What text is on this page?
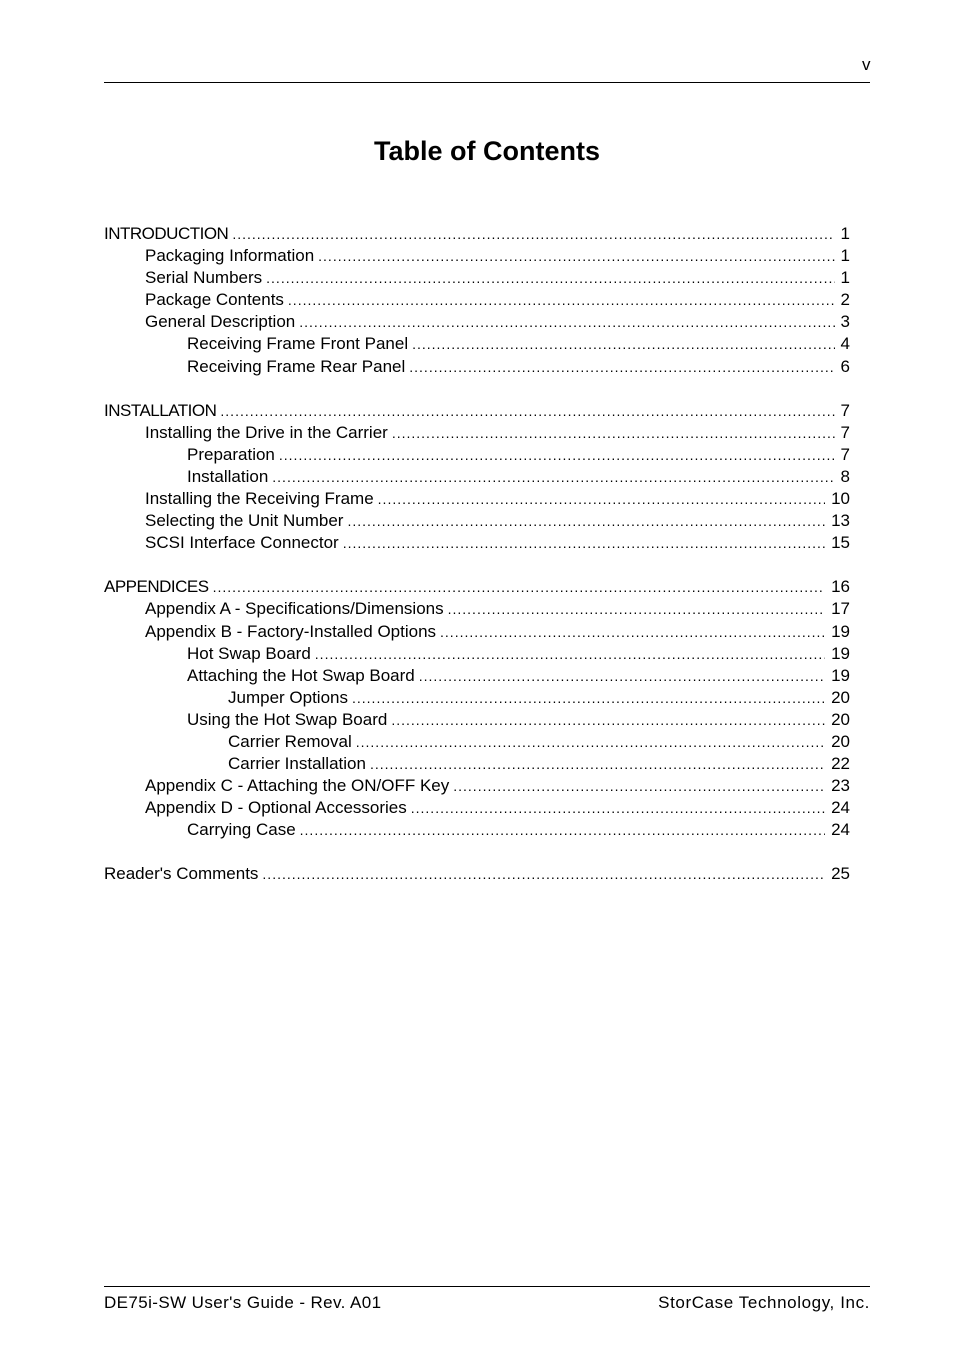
v
Table of Contents
INTRODUCTION .....	1
Packaging Information .....	1
Serial Numbers .....	1
Package Contents .....	2
General Description .....	3
Receiving Frame Front Panel .....	4
Receiving Frame Rear Panel .....	6
INSTALLATION .....	7
Installing the Drive in the Carrier .....	7
Preparation .....	7
Installation .....	8
Installing the Receiving Frame .....	10
Selecting the Unit Number .....	13
SCSI Interface Connector .....	15
APPENDICES .....	16
Appendix A - Specifications/Dimensions .....	17
Appendix B - Factory-Installed Options .....	19
Hot Swap Board .....	19
Attaching the Hot Swap Board .....	19
Jumper Options .....	20
Using the Hot Swap Board .....	20
Carrier Removal .....	20
Carrier Installation .....	22
Appendix C - Attaching the ON/OFF Key .....	23
Appendix D - Optional Accessories .....	24
Carrying Case .....	24
Reader's Comments .....	25
DE75i-SW User's Guide - Rev. A01	StorCase Technology, Inc.
